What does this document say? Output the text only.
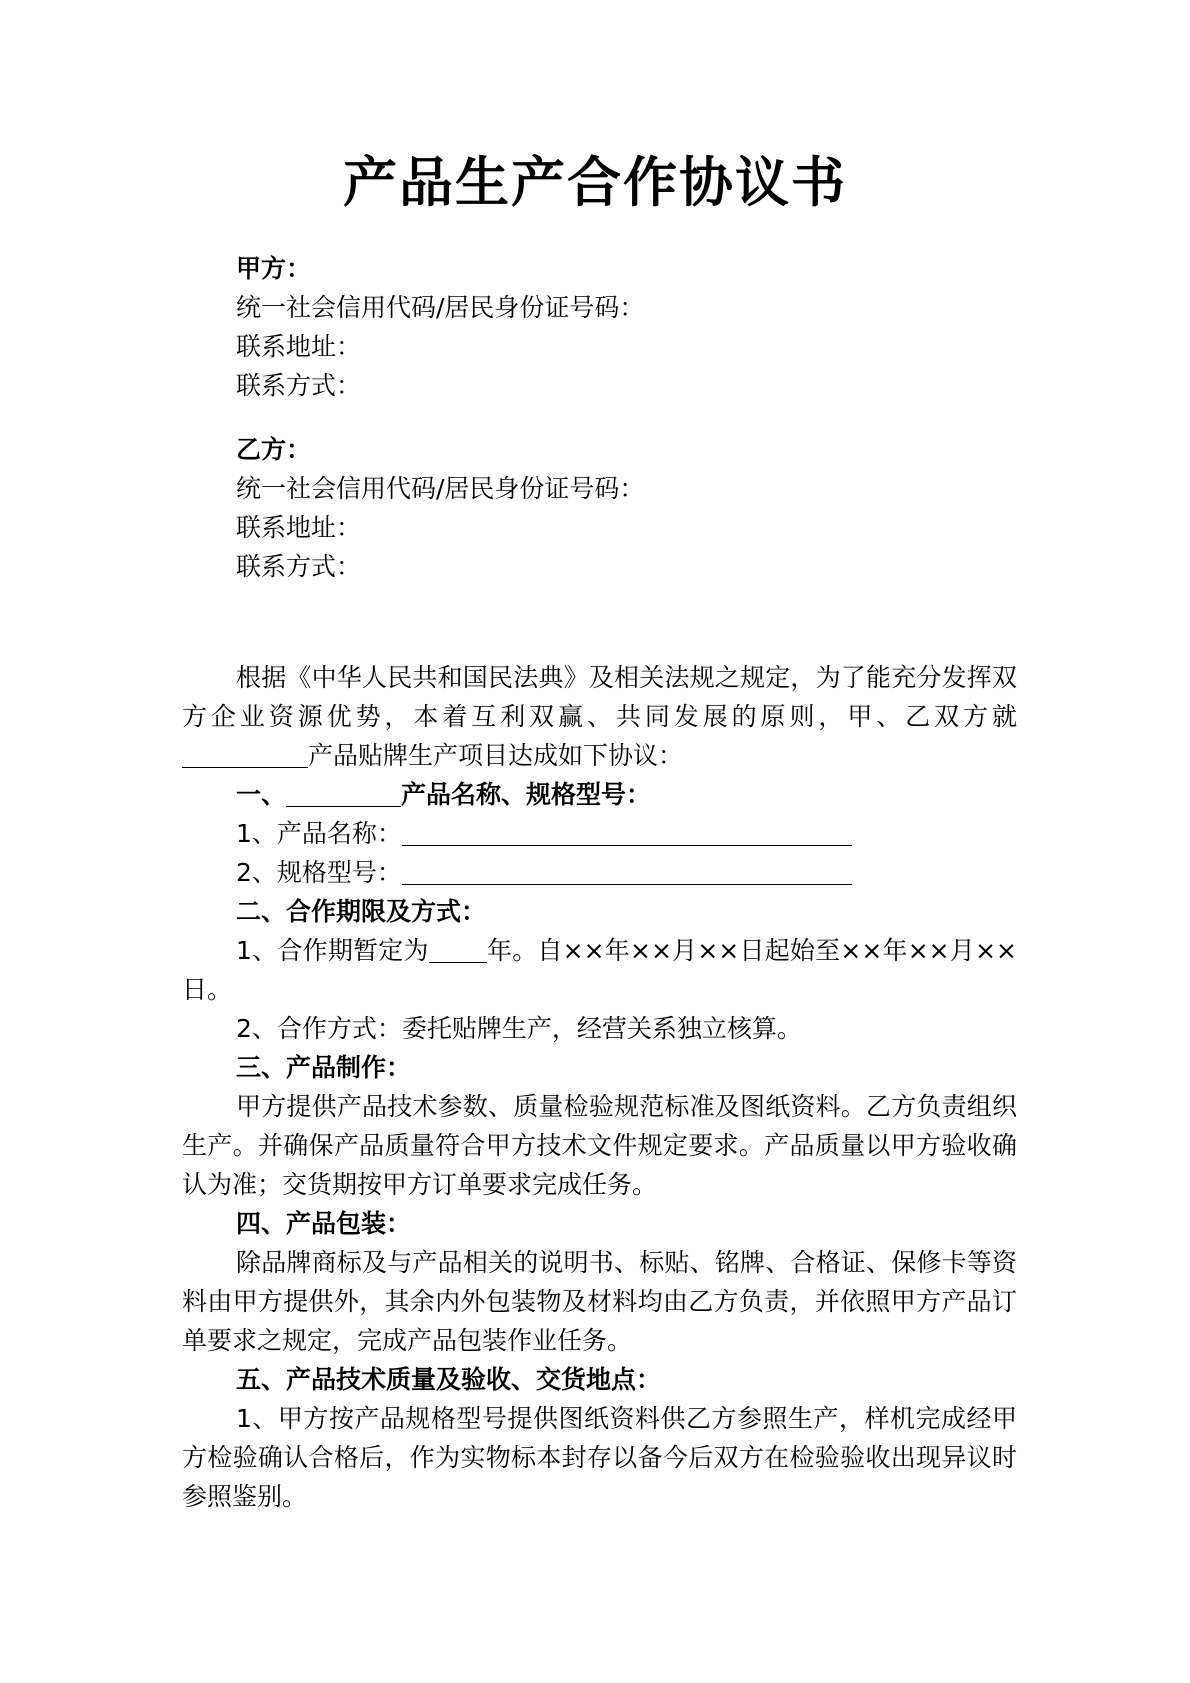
产品生产合作协议书
甲方：
统一社会信用代码/居民身份证号码：
联系地址：
联系方式：
乙方：
统一社会信用代码/居民身份证号码：
联系地址：
联系方式：
根据《中华人民共和国民法典》及相关法规之规定，为了能充分发挥双方企业资源优势，本着互利双赢、共同发展的原则，甲、乙双方就产品贴牌生产项目达成如下协议：
一、	产品名称、规格型号：
1、产品名称：
2、规格型号：
二、合作期限及方式：
1、合作期暂定为 年。自××年××月××日起始至××年××月××日。
2、合作方式：委托贴牌生产，经营关系独立核算。
三、产品制作：
甲方提供产品技术参数、质量检验规范标准及图纸资料。乙方负责组织生产。并确保产品质量符合甲方技术文件规定要求。产品质量以甲方验收确认为准；交货期按甲方订单要求完成任务。
四、产品包装：
除品牌商标及与产品相关的说明书、标贴、铭牌、合格证、保修卡等资料由甲方提供外，其余内外包装物及材料均由乙方负责，并依照甲方产品订单要求之规定，完成产品包装作业任务。
五、产品技术质量及验收、交货地点：
1、甲方按产品规格型号提供图纸资料供乙方参照生产，样机完成经甲方检验确认合格后，作为实物标本封存以备今后双方在检验验收出现异议时参照鉴别。
